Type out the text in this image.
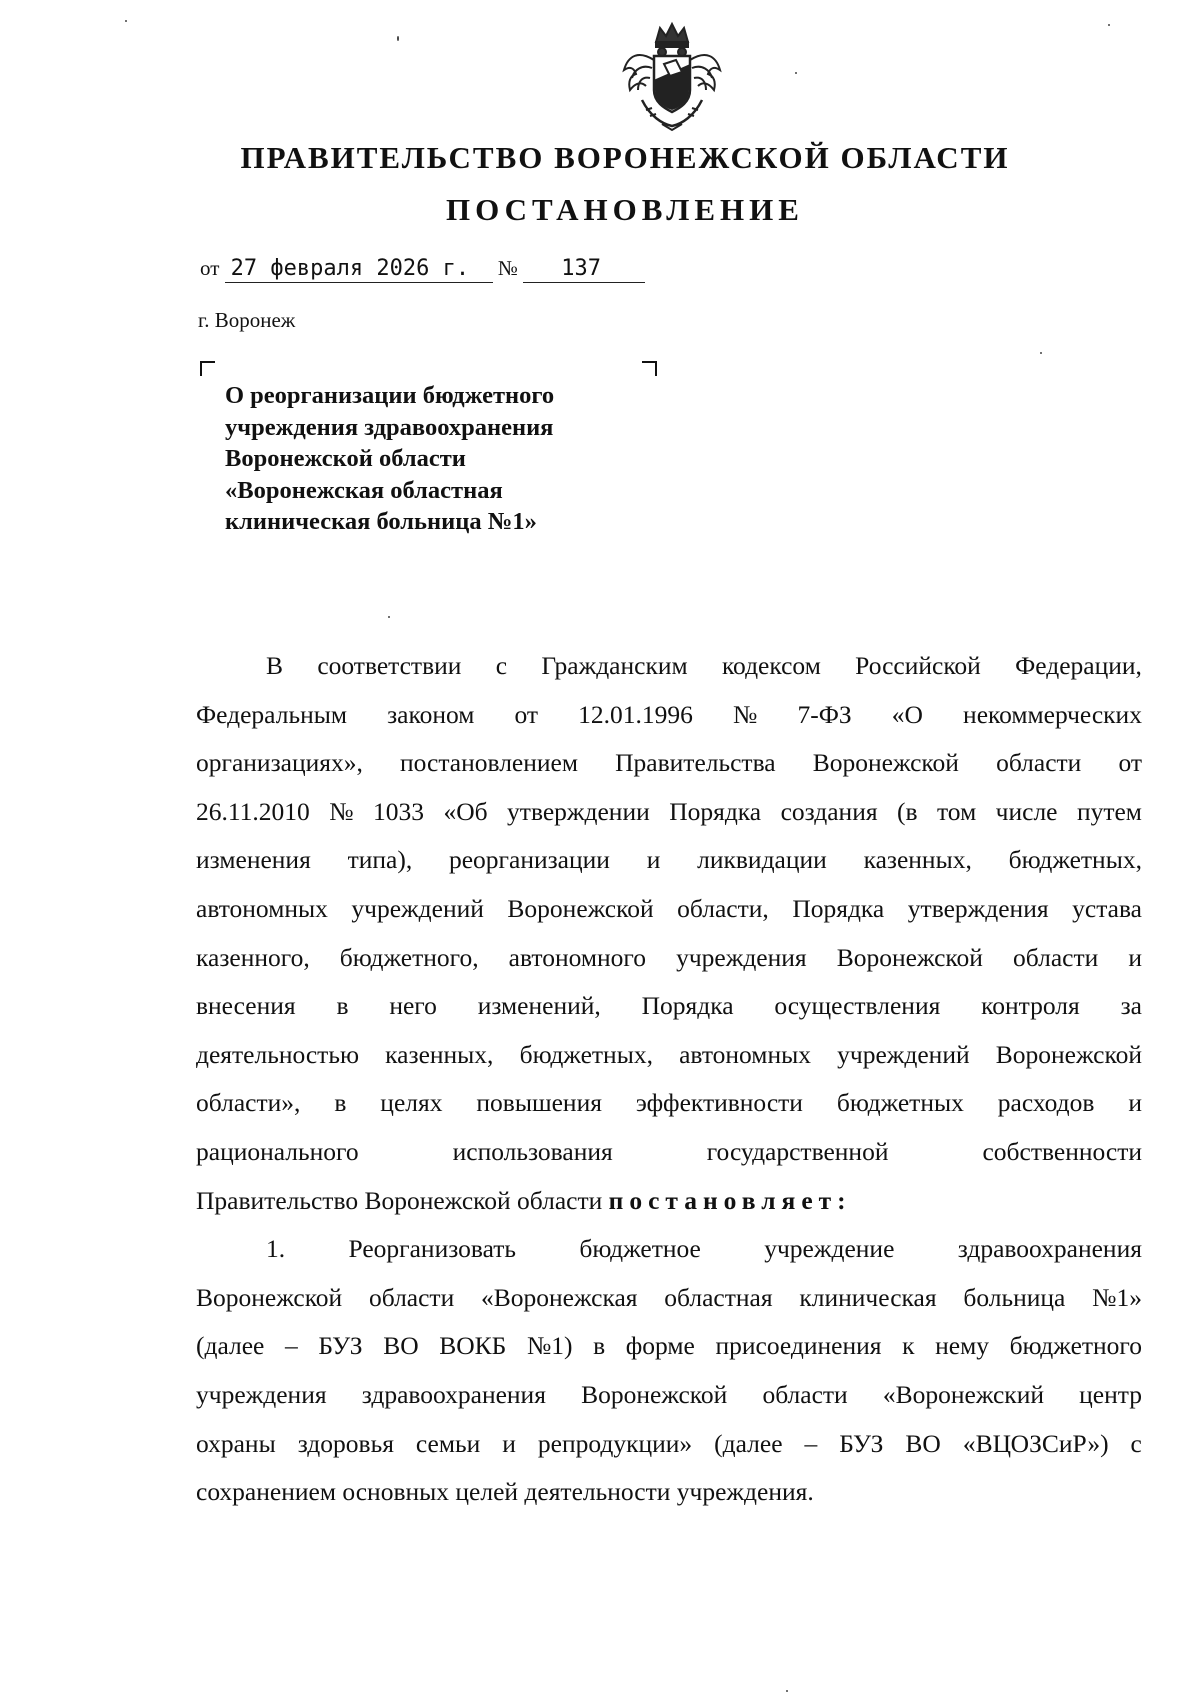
ПРАВИТЕЛЬСТВО ВОРОНЕЖСКОЙ ОБЛАСТИ
ПОСТАНОВЛЕНИЕ
от 27 февраля 2026 г. № 137
г. Воронеж
О реорганизации бюджетного
учреждения здравоохранения
Воронежской области
«Воронежская областная
клиническая больница №1»
В соответствии с Гражданским кодексом Российской Федерации,
Федеральным законом от 12.01.1996 № 7-ФЗ «О некоммерческих
организациях», постановлением Правительства Воронежской области от
26.11.2010 № 1033 «Об утверждении Порядка создания (в том числе путем
изменения типа), реорганизации и ликвидации казенных, бюджетных,
автономных учреждений Воронежской области, Порядка утверждения устава
казенного, бюджетного, автономного учреждения Воронежской области и
внесения в него изменений, Порядка осуществления контроля за
деятельностью казенных, бюджетных, автономных учреждений Воронежской
области», в целях повышения эффективности бюджетных расходов и
рационального	использования	государственной	собственности
Правительство Воронежской области
постановляет:
1. Реорганизовать бюджетное учреждение здравоохранения
Воронежской области «Воронежская областная клиническая больница №1»
(далее – БУЗ ВО ВОКБ №1) в форме присоединения к нему бюджетного
учреждения здравоохранения Воронежской области «Воронежский центр
охраны здоровья семьи и репродукции» (далее – БУЗ ВО «ВЦОЗСиР») с
сохранением основных целей деятельности учреждения.
